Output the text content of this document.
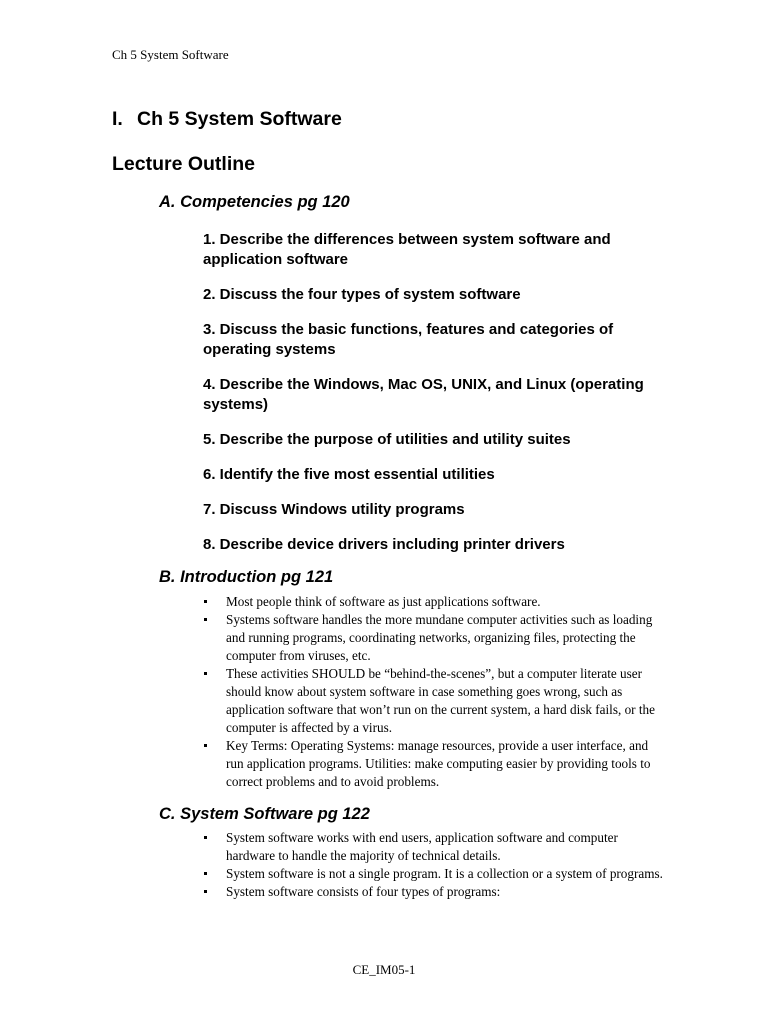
Ch 5 System Software
I. Ch 5 System Software
Lecture Outline
A. Competencies pg 120
1. Describe the differences between system software and application software
2. Discuss the four types of system software
3. Discuss the basic functions, features and categories of operating systems
4. Describe the Windows, Mac OS, UNIX, and Linux (operating systems)
5. Describe the purpose of utilities and utility suites
6. Identify the five most essential utilities
7. Discuss Windows utility programs
8. Describe device drivers including printer drivers
B. Introduction pg 121
Most people think of software as just applications software.
Systems software handles the more mundane computer activities such as loading and running programs, coordinating networks, organizing files, protecting the computer from viruses, etc.
These activities SHOULD be “behind-the-scenes”, but a computer literate user should know about system software in case something goes wrong, such as application software that won’t run on the current system, a hard disk fails, or the computer is affected by a virus.
Key Terms: Operating Systems: manage resources, provide a user interface, and run application programs. Utilities: make computing easier by providing tools to correct problems and to avoid problems.
C. System Software pg 122
System software works with end users, application software and computer hardware to handle the majority of technical details.
System software is not a single program. It is a collection or a system of programs.
System software consists of four types of programs:
CE_IM05-1
